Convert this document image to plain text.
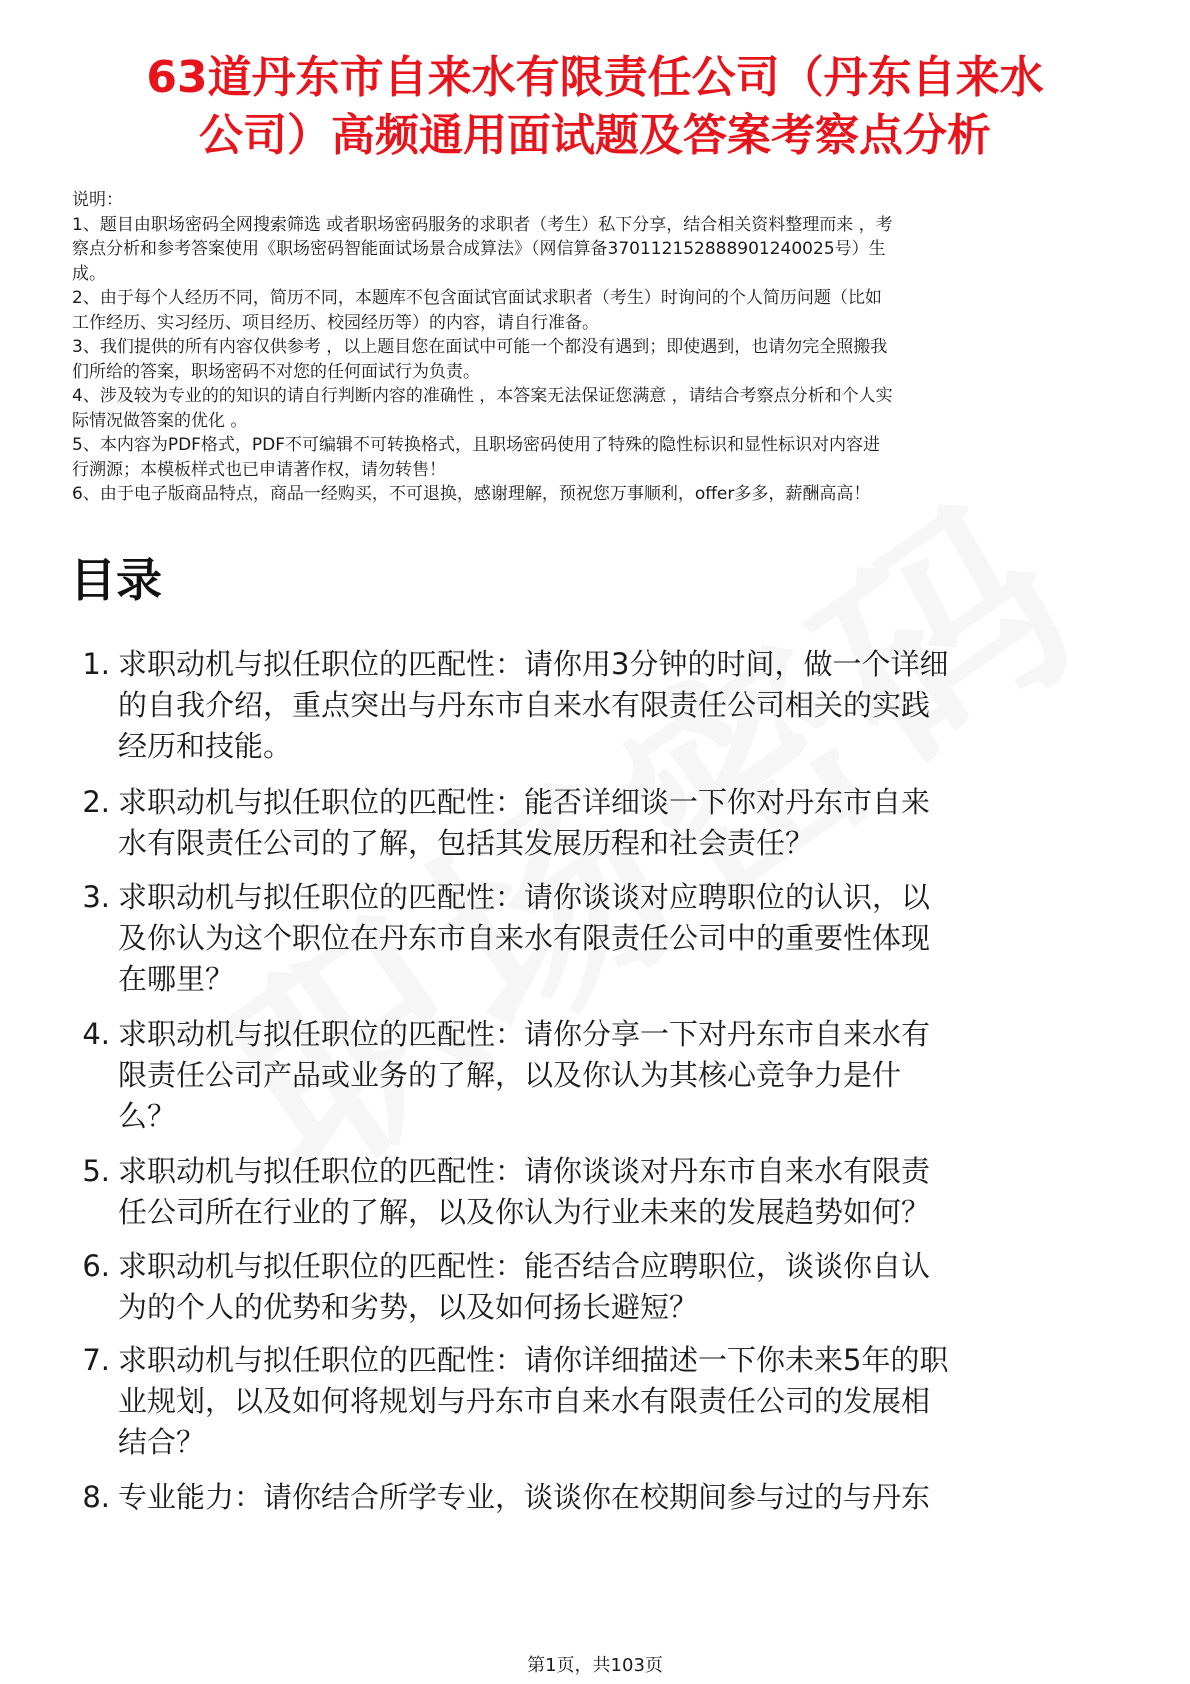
63道丹东市自来水有限责任公司（丹东自来水
公司）高频通用面试题及答案考察点分析
说明：
1、题目由职场密码全网搜索筛选 或者职场密码服务的求职者（考生）私下分享，结合相关资料整理而来 ，考
察点分析和参考答案使用《职场密码智能面试场景合成算法》（网信算备370112152888901240025号）生
成。
2、由于每个人经历不同，简历不同，本题库不包含面试官面试求职者（考生）时询问的个人简历问题（比如
工作经历、实习经历、项目经历、校园经历等）的内容，请自行准备。
3、我们提供的所有内容仅供参考 ，以上题目您在面试中可能一个都没有遇到；即使遇到，也请勿完全照搬我
们所给的答案，职场密码不对您的任何面试行为负责。
4、涉及较为专业的的知识的请自行判断内容的准确性 ，本答案无法保证您满意 ，请结合考察点分析和个人实
际情况做答案的优化 。
5、本内容为PDF格式，PDF不可编辑不可转换格式，且职场密码使用了特殊的隐性标识和显性标识对内容进
行溯源；本模板样式也已申请著作权，请勿转售！
6、由于电子版商品特点，商品一经购买，不可退换，感谢理解，预祝您万事顺利，offer多多，薪酬高高！
目录
1. 求职动机与拟任职位的匹配性：请你用3分钟的时间，做一个详细
的自我介绍，重点突出与丹东市自来水有限责任公司相关的实践
经历和技能。
2. 求职动机与拟任职位的匹配性：能否详细谈一下你对丹东市自来
水有限责任公司的了解，包括其发展历程和社会责任？
3. 求职动机与拟任职位的匹配性：请你谈谈对应聘职位的认识，以
及你认为这个职位在丹东市自来水有限责任公司中的重要性体现
在哪里？
4. 求职动机与拟任职位的匹配性：请你分享一下对丹东市自来水有
限责任公司产品或业务的了解，以及你认为其核心竞争力是什
么？
5. 求职动机与拟任职位的匹配性：请你谈谈对丹东市自来水有限责
任公司所在行业的了解，以及你认为行业未来的发展趋势如何？
6. 求职动机与拟任职位的匹配性：能否结合应聘职位，谈谈你自认
为的个人的优势和劣势，以及如何扬长避短？
7. 求职动机与拟任职位的匹配性：请你详细描述一下你未来5年的职
业规划，以及如何将规划与丹东市自来水有限责任公司的发展相
结合？
8. 专业能力：请你结合所学专业，谈谈你在校期间参与过的与丹东
第1页，共103页
